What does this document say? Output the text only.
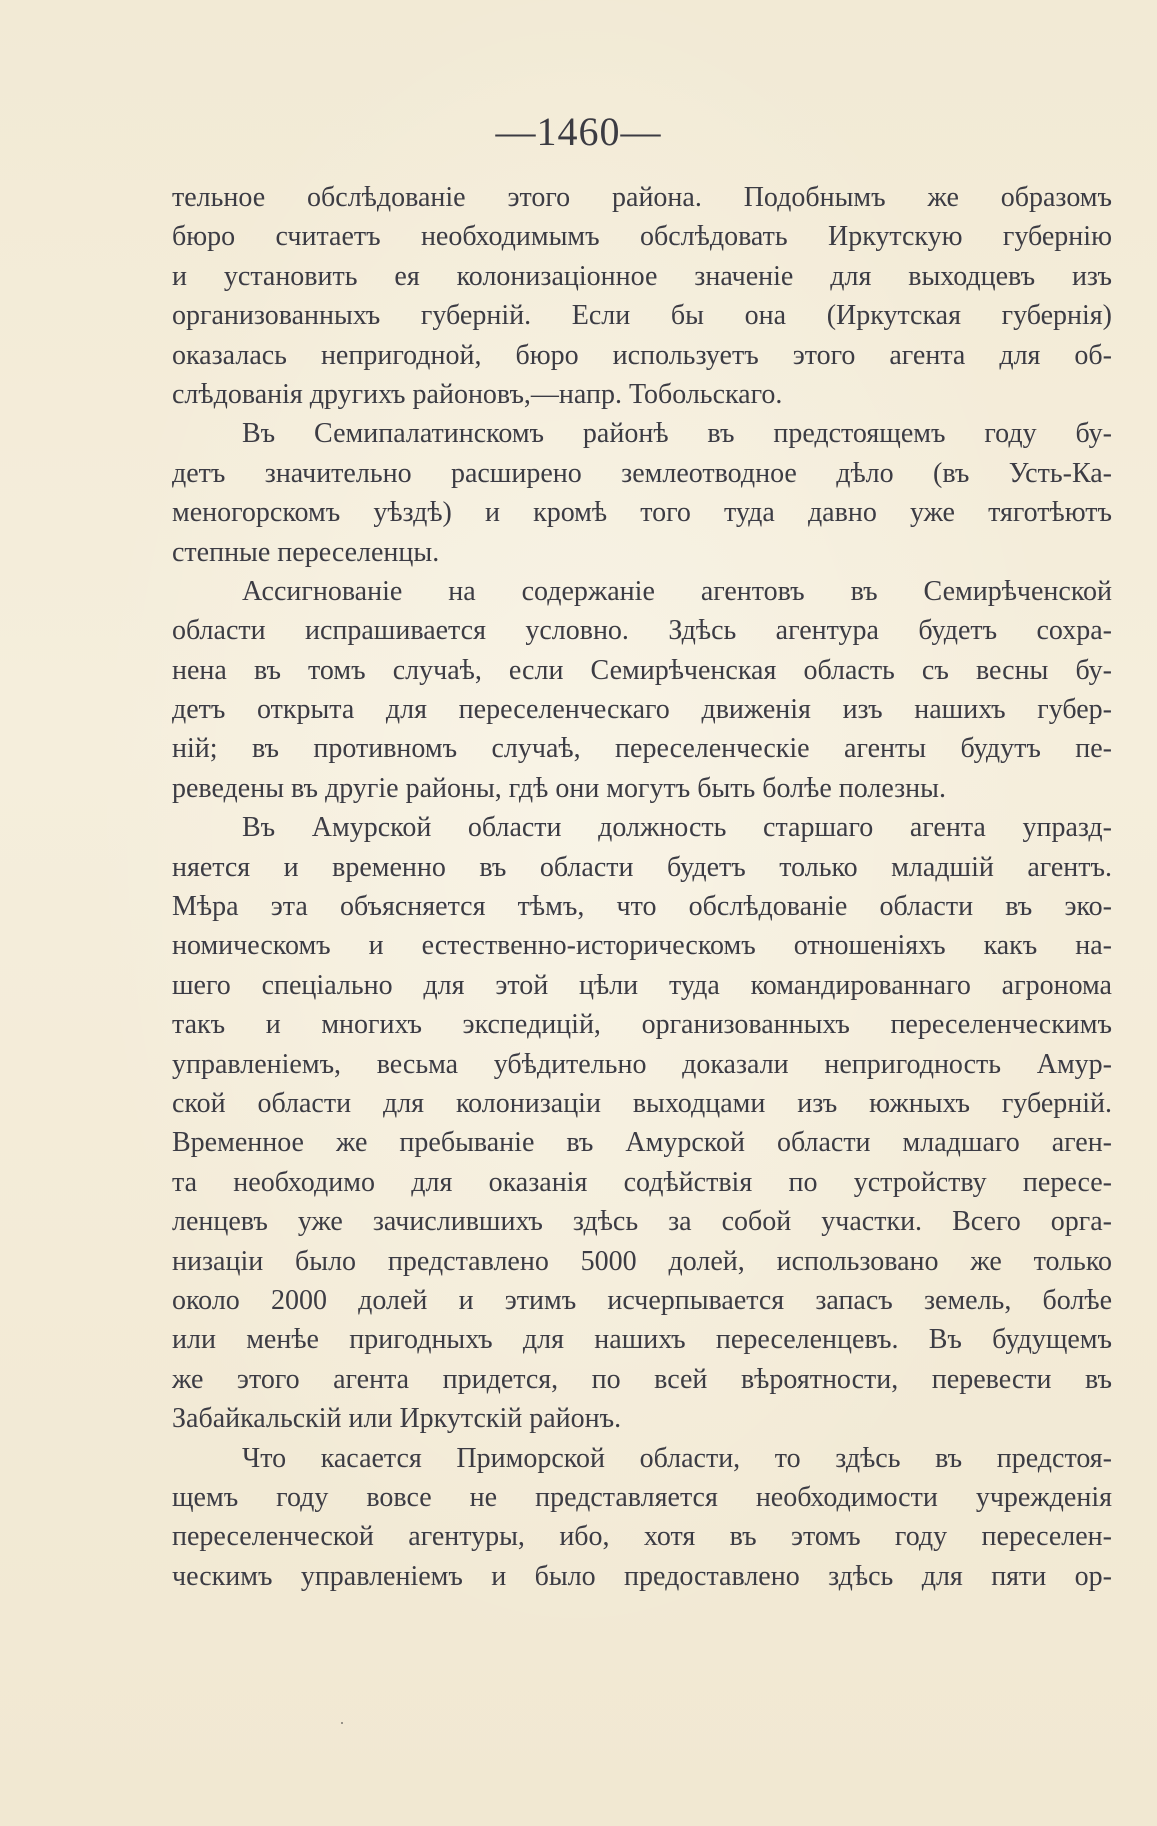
—1460—
тельное обслѣдованіе этого района. Подобнымъ же образомъ
бюро считаетъ необходимымъ обслѣдовать Иркутскую губернію
и установить ея колонизаціонное значеніе для выходцевъ изъ
организованныхъ губерній. Если бы она (Иркутская губернія)
оказалась непригодной, бюро используетъ этого агента для об-
слѣдованія другихъ районовъ,—напр. Тобольскаго.
Въ Семипалатинскомъ районѣ въ предстоящемъ году бу-
детъ значительно расширено землеотводное дѣло (въ Усть-Ка-
меногорскомъ уѣздѣ) и кромѣ того туда давно уже тяготѣютъ
степные переселенцы.
Ассигнованіе на содержаніе агентовъ въ Семирѣченской
области испрашивается условно. Здѣсь агентура будетъ сохра-
нена въ томъ случаѣ, если Семирѣченская область съ весны бу-
детъ открыта для переселенческаго движенія изъ нашихъ губер-
ній; въ противномъ случаѣ, переселенческіе агенты будутъ пе-
реведены въ другіе районы, гдѣ они могутъ быть болѣе полезны.
Въ Амурской области должность старшаго агента упразд-
няется и временно въ области будетъ только младшій агентъ.
Мѣра эта объясняется тѣмъ, что обслѣдованіе области въ эко-
номическомъ и естественно-историческомъ отношеніяхъ какъ на-
шего спеціально для этой цѣли туда командированнаго агронома
такъ и многихъ экспедицій, организованныхъ переселенческимъ
управленіемъ, весьма убѣдительно доказали непригодность Амур-
ской области для колонизаціи выходцами изъ южныхъ губерній.
Временное же пребываніе въ Амурской области младшаго аген-
та необходимо для оказанія содѣйствія по устройству пересе-
ленцевъ уже зачислившихъ здѣсь за собой участки. Всего орга-
низаціи было представлено 5000 долей, использовано же только
около 2000 долей и этимъ исчерпывается запасъ земель, болѣе
или менѣе пригодныхъ для нашихъ переселенцевъ. Въ будущемъ
же этого агента придется, по всей вѣроятности, перевести въ
Забайкальскій или Иркутскій районъ.
Что касается Приморской области, то здѣсь въ предстоя-
щемъ году вовсе не представляется необходимости учрежденія
переселенческой агентуры, ибо, хотя въ этомъ году переселен-
ческимъ управленіемъ и было предоставлено здѣсь для пяти ор-
